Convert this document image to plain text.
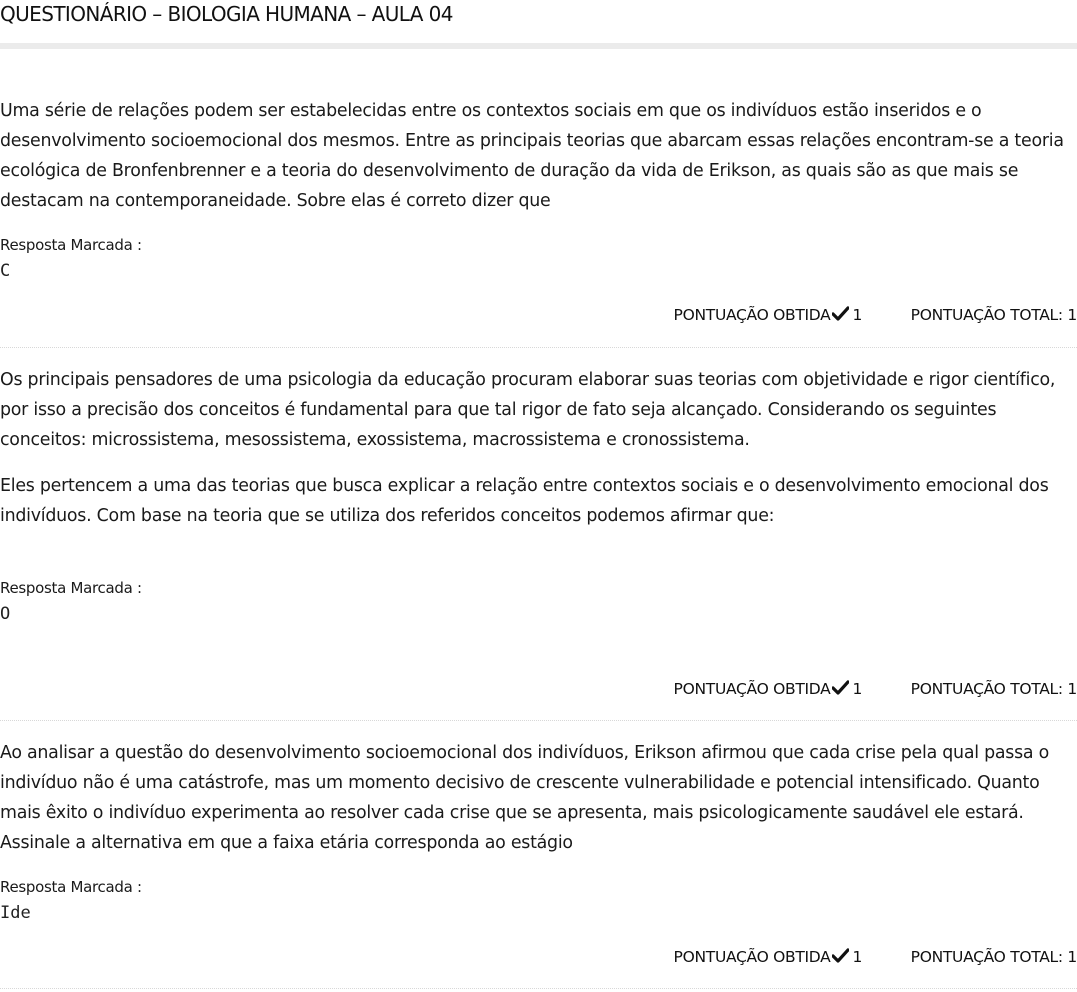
QUESTIONÁRIO – BIOLOGIA HUMANA – AULA 04

Uma série de relações podem ser estabelecidas entre os contextos sociais em que os indivíduos estão inseridos e o desenvolvimento socioemocional dos mesmos. Entre as principais teorias que abarcam essas relações encontram-se a teoria ecológica de Bronfenbrenner e a teoria do desenvolvimento de duração da vida de Erikson, as quais são as que mais se destacam na contemporaneidade. Sobre elas é correto dizer que

Resposta Marcada :
C
PONTUAÇÃO OBTIDA 1	PONTUAÇÃO TOTAL: 1

Os principais pensadores de uma psicologia da educação procuram elaborar suas teorias com objetividade e rigor científico, por isso a precisão dos conceitos é fundamental para que tal rigor de fato seja alcançado. Considerando os seguintes conceitos: microssistema, mesossistema, exossistema, macrossistema e cronossistema.

Eles pertencem a uma das teorias que busca explicar a relação entre contextos sociais e o desenvolvimento emocional dos indivíduos. Com base na teoria que se utiliza dos referidos conceitos podemos afirmar que:

Resposta Marcada :
O
PONTUAÇÃO OBTIDA 1	PONTUAÇÃO TOTAL: 1

Ao analisar a questão do desenvolvimento socioemocional dos indivíduos, Erikson afirmou que cada crise pela qual passa o indivíduo não é uma catástrofe, mas um momento decisivo de crescente vulnerabilidade e potencial intensificado. Quanto mais êxito o indivíduo experimenta ao resolver cada crise que se apresenta, mais psicologicamente saudável ele estará. Assinale a alternativa em que a faixa etária corresponda ao estágio

Resposta Marcada :
Ide
PONTUAÇÃO OBTIDA 1	PONTUAÇÃO TOTAL: 1
